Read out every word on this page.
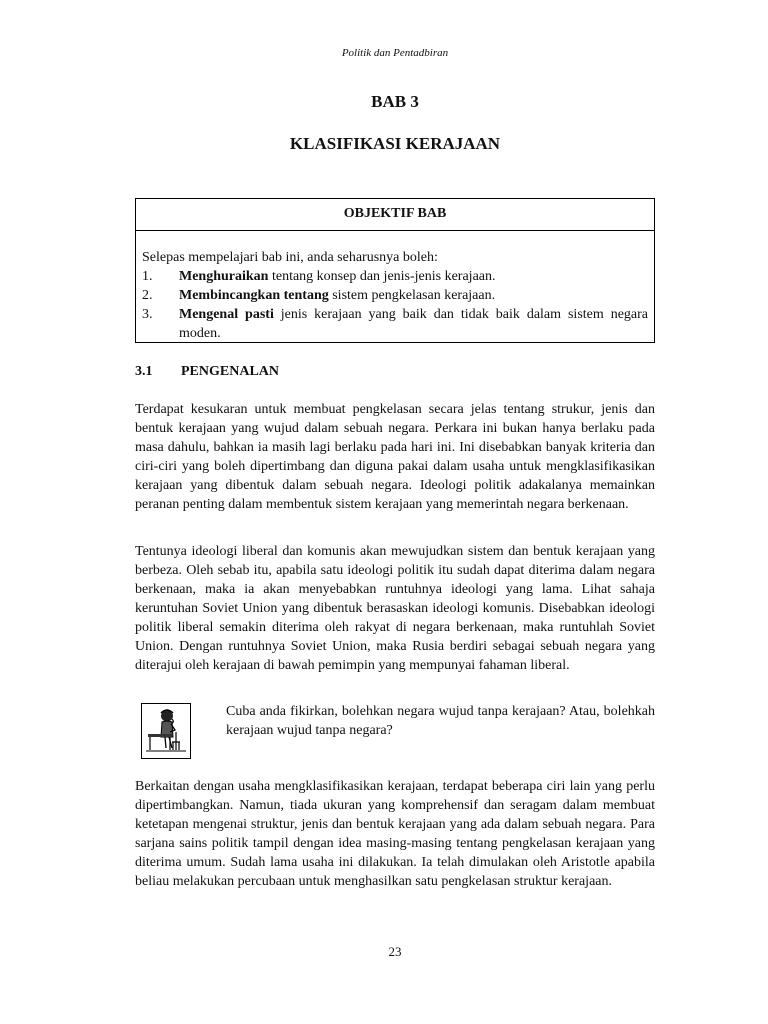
Politik dan Pentadbiran
BAB 3
KLASIFIKASI KERAJAAN
OBJEKTIF BAB
Selepas mempelajari bab ini, anda seharusnya boleh:
1.	Menghuraikan tentang konsep dan jenis-jenis kerajaan.
2.	Membincangkan tentang sistem pengkelasan kerajaan.
3.	Mengenal pasti jenis kerajaan yang baik dan tidak baik dalam sistem negara moden.
3.1 PENGENALAN

Terdapat kesukaran untuk membuat pengkelasan secara jelas tentang strukur, jenis dan bentuk kerajaan yang wujud dalam sebuah negara. Perkara ini bukan hanya berlaku pada masa dahulu, bahkan ia masih lagi berlaku pada hari ini. Ini disebabkan banyak kriteria dan ciri-ciri yang boleh dipertimbang dan diguna pakai dalam usaha untuk mengklasifikasikan kerajaan yang dibentuk dalam sebuah negara. Ideologi politik adakalanya memainkan peranan penting dalam membentuk sistem kerajaan yang memerintah negara berkenaan.

Tentunya ideologi liberal dan komunis akan mewujudkan sistem dan bentuk kerajaan yang berbeza. Oleh sebab itu, apabila satu ideologi politik itu sudah dapat diterima dalam negara berkenaan, maka ia akan menyebabkan runtuhnya ideologi yang lama. Lihat sahaja keruntuhan Soviet Union yang dibentuk berasaskan ideologi komunis. Disebabkan ideologi politik liberal semakin diterima oleh rakyat di negara berkenaan, maka runtuhlah Soviet Union. Dengan runtuhnya Soviet Union, maka Rusia berdiri sebagai sebuah negara yang diterajui oleh kerajaan di bawah pemimpin yang mempunyai fahaman liberal.

Cuba anda fikirkan, bolehkan negara wujud tanpa kerajaan? Atau, bolehkah kerajaan wujud tanpa negara?

Berkaitan dengan usaha mengklasifikasikan kerajaan, terdapat beberapa ciri lain yang perlu dipertimbangkan. Namun, tiada ukuran yang komprehensif dan seragam dalam membuat ketetapan mengenai struktur, jenis dan bentuk kerajaan yang ada dalam sebuah negara. Para sarjana sains politik tampil dengan idea masing-masing tentang pengkelasan kerajaan yang diterima umum. Sudah lama usaha ini dilakukan. Ia telah dimulakan oleh Aristotle apabila beliau melakukan percubaan untuk menghasilkan satu pengkelasan struktur kerajaan.

23
